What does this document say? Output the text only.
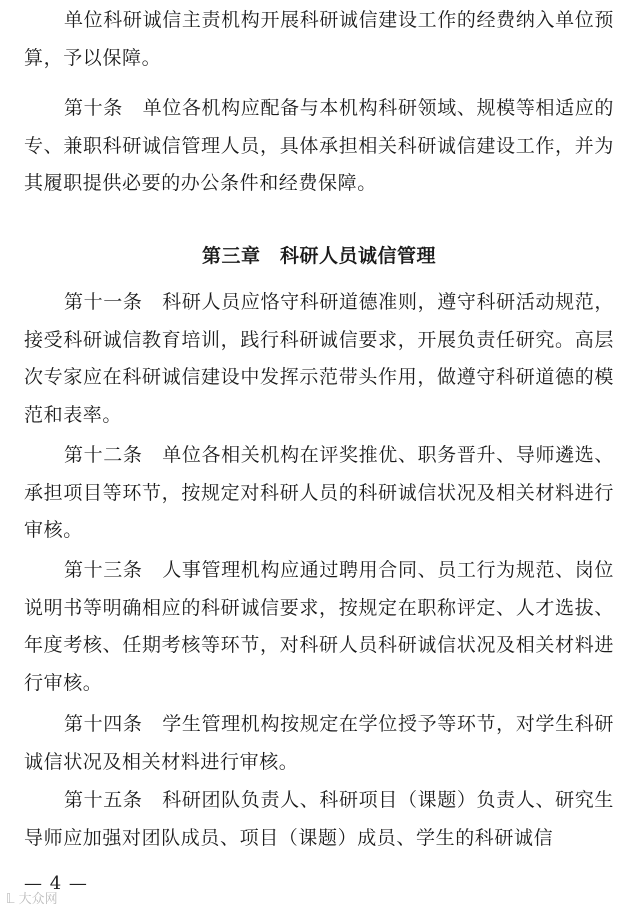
单位科研诚信主责机构开展科研诚信建设工作的经费纳入单位预算，予以保障。

第十条　单位各机构应配备与本机构科研领域、规模等相适应的专、兼职科研诚信管理人员，具体承担相关科研诚信建设工作，并为其履职提供必要的办公条件和经费保障。

第三章　科研人员诚信管理

第十一条　科研人员应恪守科研道德准则，遵守科研活动规范，接受科研诚信教育培训，践行科研诚信要求，开展负责任研究。高层次专家应在科研诚信建设中发挥示范带头作用，做遵守科研道德的模范和表率。

第十二条　单位各相关机构在评奖推优、职务晋升、导师遴选、承担项目等环节，按规定对科研人员的科研诚信状况及相关材料进行审核。

第十三条　人事管理机构应通过聘用合同、员工行为规范、岗位说明书等明确相应的科研诚信要求，按规定在职称评定、人才选拔、年度考核、任期考核等环节，对科研人员科研诚信状况及相关材料进行审核。

第十四条　学生管理机构按规定在学位授予等环节，对学生科研诚信状况及相关材料进行审核。

第十五条　科研团队负责人、科研项目（课题）负责人、研究生导师应加强对团队成员、项目（课题）成员、学生的科研诚信

— 4 —
𝕃 大众网
